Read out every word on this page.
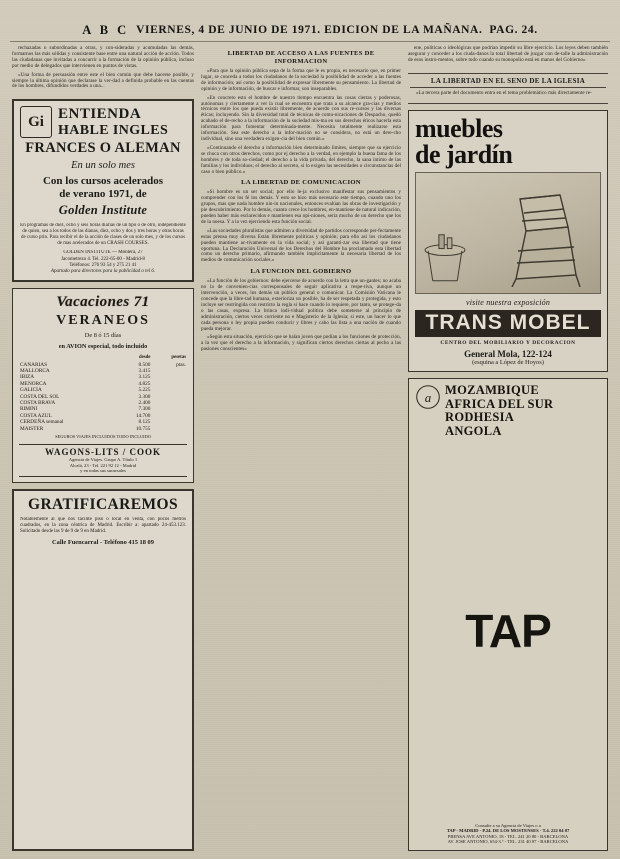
A B C
VIERNES, 4 DE JUNIO DE 1971. EDICION DE LA MAÑANA.
PAG. 24.

rechazadas o subordinadas a otras, y con-sideradas y acumuladas las demás, formarnos las más sólidas y consistente base entre una natural acción de acción. Todos las ciudadanas que invitadas a concurrir a la formación de la opinión pública, incluso por medio de delegados que intervienen en puntos de vistas.

«Una forma de persuasión entre este el bien común que debe hacerse posible, y siempre la última opinión que declarase la ver-dad a definida probable en las cuentas de los hombres, difundidos verdades a una...

Gi ENTIENDA
HABLE INGLES
FRANCES O ALEMAN
En un solo mes
Con los cursos acelerados
de verano 1971, de
Golden Institute
En programas de diez, ocho y seis horas diarias de un tipo o de otro, independiente de quien, sea a los todos de las dianas, diez, ocho y dos y tres horas y otras horas de curso prin. Para recibir el de la acción de clases de un solo mes, y de los cursos de mas acelerados de un CRASH COURSES.
GOLDEN INSTITUTE — Montera, 27
Jacometrezo 4. Tel. 222-65-00 - Madrid-8
Teléfonos: 276 93 54 y 275 21 41
Apartado para directores para la publicidad o tel 6.
Vacaciones 71
VERANEOS
De 8 ó 15 días
en AVION especial, todo incluido
	desde	pesetas
CANARIAS	8.500	ptas.
MALLORCA	3.415	
IBIZA	3.125	
MENORCA	4.825	
GALICIA	5.225	
COSTA DEL SOL	3.300	
COSTA BRAVA	2.400	
RIMINI	7.300	
COSTA AZUL	14.700	
CERDEÑA semanal	8.125	
MAISTER	10.755	
SEGUROS VIAJES INCLUIDOS TODO INCLUIDO
WAGONS-LITS / COOK
Agencia de Viajes. Grupo A. Título 1
Alcalá, 23 - Tel. 221 92 12 - Madrid
y en todas sus sucursales
GRATIFICAREMOS
Notablemente al que nos facilite piso o local en venta, con pocos metros cuadrados, en la zona céntrica de Madrid. Escribir a: apartado 24-453.123. Solicitado desde las 9 de 9 de 9 en Madrid.
Calle Fuencarral - Teléfono 415 18 09
LIBERTAD DE ACCESO A LAS FUENTES DE INFORMACION

«Para que la opinión pública sepa de la forma que le es propia, es necesario que, en primer lugar, se conceda a todos los ciudadanos de la sociedad la posibilidad de acceder a las fuentes de información; así como la posibilidad de expresar libremente su pensamiento. La libertad de opinión y de información, de buscar e informar, son inseparables.

«En concreto esto el hombre de nuestro tiempo encuentra las cosas ciertas y poderosas, autónomas y ciertamente a ver la cual se encuentra que trata a su alcance gra-cias y medios técnicos entre los que pueda existir libremente, de acuerdo con sus re-cursos y las diversas éticas; incluyendo. Sin la diversidad total de técnicas de comu-nicaciones de Despacho, quedó acabado el de-recho a la información de la sociedad mis-ma en sus derechos éticos hacerla esta información para fomentar determinada-mente. Necesita totalmente realizarse esta información. Sea este derecho a la infor-mación no se considera, no está un dere-cho individual, sino una verdadera exigen-cia del bien común.»

«Continuando el derecho a información bien determinado limites, siempre que su ejercicio se choca con otros derechos, como por ej derecho a la verdad, en ejemplo la buena fama de los hombres y de toda so-ciedad; el derecho a la vida privada, del derecho, la sana intimo de las familias y los individuos; el derecho al secreto, si lo exigen las necesidades o circunstancias del caso o bien público.»

LA LIBERTAD DE COMUNICACION

«Si hombre es un ser social; por ello le-ja exclusivo manifestar sus pensamientos y comprender con los fé los demás. Y esto se hizo más necesario este tiempo, cuando uno los grupos, mas que nada hombre nin-in nacionales, entonces evalúan las obras de investigación y pie descubrimiento. Por lo demás, cuanto crece los hombres, en-mantiene de natural indicación, pueden haber más esclarecidos e mantienen esa opi-niones, sería mucho de un derecho que los de la noesa. Y a la vez ejerciendo esta función social.

«Las sociedades pluralistas que admiten a diversidad de partidos corresponde per-fectamente estas prensa muy diversa Están libremente políticas y opinión; para ello así los ciudadanos pueden mantiene ac-tivamente en la vida social; y así garanti-zar esa libertad que tiene oportuna. La Declaración Universal de los Derechos del Hombre ha proclamado esta libertad como un derecho primario, afirmando también implícitamente la necesaria libertad de los medios de comunicación sociales.»

LA FUNCION DEL GOBIERNO

«La función de los gobiernos: debe ejercerse de acuerdo con la letra que un-gantes; no acaba no la de convenien-cias corresponsales de seguir aplicativa a respe-tiva, aunque un intervención, a veces, los demás un público general o comunicar. La Comisión Vaticana le concede que la libre-tad humana, exterioriza un posible, ha de ser respetada y protegida, y esto incluye ser restringida con restricto la regla si hace cuando lo requiere, por tanto, se protege-da o las casas, expresa. La brinca indi-vidual política debe someterse al principio de administración, ciertos veces corriente no e Magisterio de la Iglesia; si este, un hacer lo que cada persona o ley propia pueden conducir y libres y cabo las lista a una nación de cuando pueda mejorar.

«Según esta situación, ejercicio que se halan joven que podían a los funciones de protección, a la vez que el derecho a la información, y significan ciertos derechos ciertas al pecho a las pasiones conscientes»

ene, políticas o ideológicas que podrían impedir su libre ejercicio. Los leyes deben también asegurar y conceder a los ciuda-danos la total libertad de juzgar con de-talle la administración de esos instru-mentos, sobre todo cuando su monopolio está en manos del Gobierno»

LA LIBERTAD EN EL SENO DE LA IGLESIA

«La tercera parte del documento entra en el tema problemático más directamente re-

muebles
de jardín
visite nuestra exposición
TRANS MOBEL
CENTRO DEL MOBILIARIO Y DECORACION
General Mola, 122-124
(esquina a López de Hoyos)
a
MOZAMBIQUE
AFRICA DEL SUR
RODHESIA
ANGOLA
TAP
Consulte a su Agencia de Viajes o a
TAP - MADRID - P.24. DE LOS MOSTENSES - T.4. 222 04 07
PRENSA AVE ANTONIO, 18 - TEL. 241 20 80 - BARCELONA
AV. JOSE ANTONIO, 654-3.° - TEL. 231 40 07 - BARCELONA
